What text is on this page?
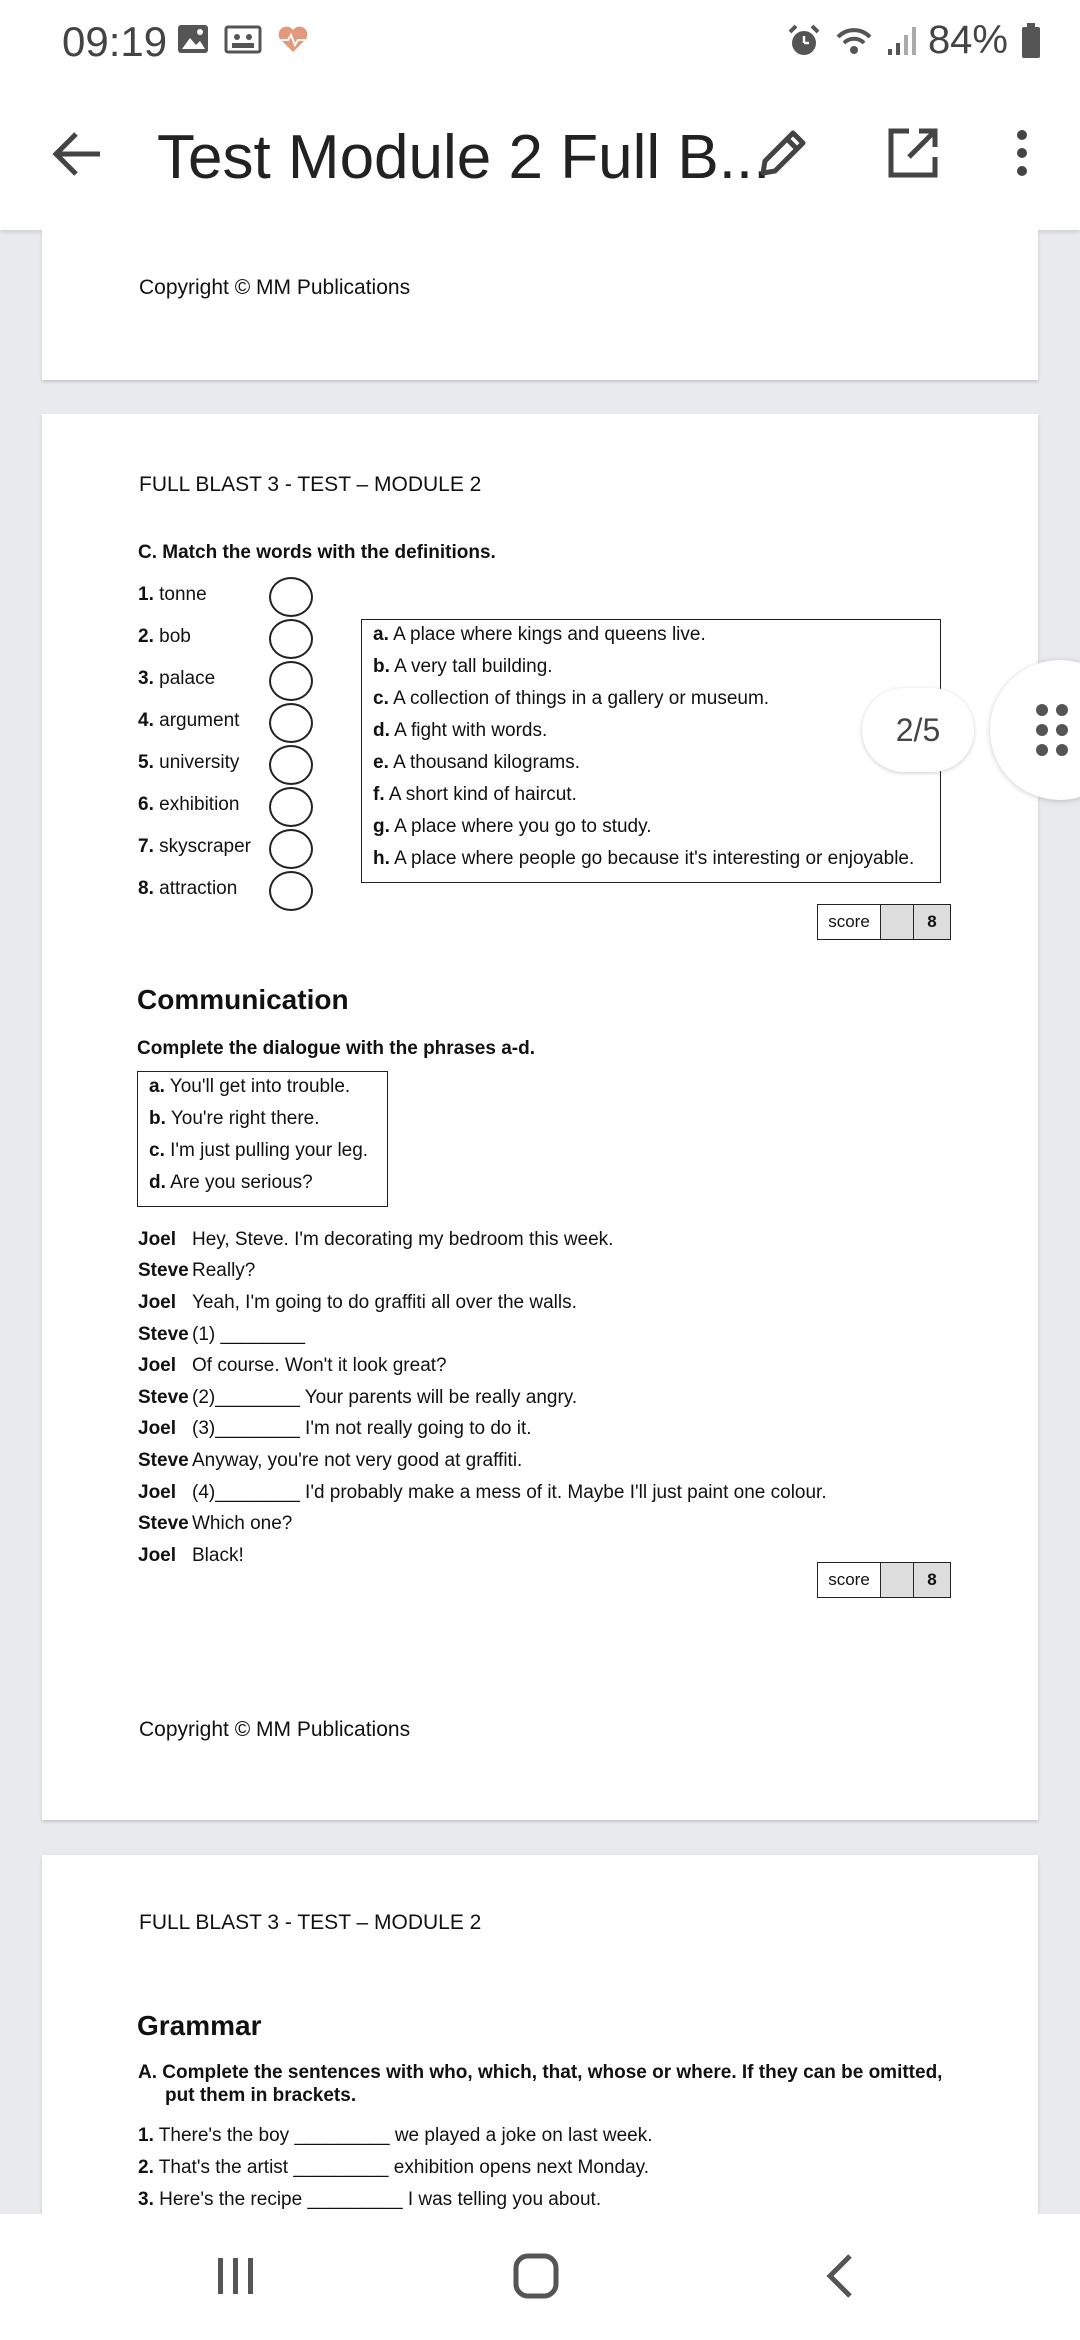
09:19	84%
Test Module 2 Full B...
Copyright © MM Publications
FULL BLAST 3 - TEST – MODULE 2
C. Match the words with the definitions.
1. tonne
2. bob
3. palace
4. argument
5. university
6. exhibition
7. skyscraper
8. attraction
a. A place where kings and queens live.
b. A very tall building.
c. A collection of things in a gallery or museum.
d. A fight with words.
e. A thousand kilograms.
f. A short kind of haircut.
g. A place where you go to study.
h. A place where people go because it's interesting or enjoyable.
score	8
Communication
Complete the dialogue with the phrases a-d.
a. You'll get into trouble.
b. You're right there.
c. I'm just pulling your leg.
d. Are you serious?
Joel Hey, Steve. I'm decorating my bedroom this week.
Steve Really?
Joel Yeah, I'm going to do graffiti all over the walls.
Steve (1) ________
Joel Of course. Won't it look great?
Steve (2)________ Your parents will be really angry.
Joel (3)________ I'm not really going to do it.
Steve Anyway, you're not very good at graffiti.
Joel (4)________ I'd probably make a mess of it. Maybe I'll just paint one colour.
Steve Which one?
Joel Black!
score	8
Copyright © MM Publications
FULL BLAST 3 - TEST – MODULE 2
Grammar
A. Complete the sentences with who, which, that, whose or where. If they can be omitted,
put them in brackets.
1. There's the boy _________ we played a joke on last week.
2. That's the artist _________ exhibition opens next Monday.
3. Here's the recipe _________ I was telling you about.
2/5
